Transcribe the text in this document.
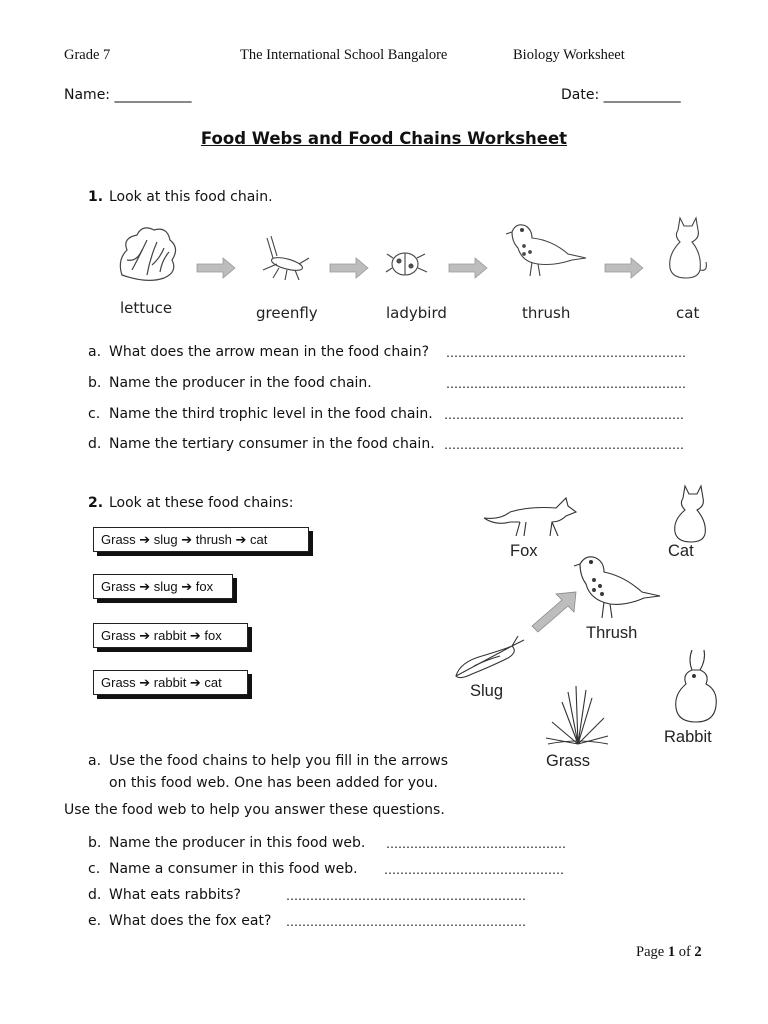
Grade 7	The International School Bangalore	Biology Worksheet
Name: ___________	Date: ___________
Food Webs and Food Chains Worksheet
1. Look at this food chain.
lettuce	greenfly	ladybird	thrush	cat
a. What does the arrow mean in the food chain? ……………………………………………………
b. Name the producer in the food chain.	……………………………………………………
c. Name the third trophic level in the food chain. ……………………………………………………
d. Name the tertiary consumer in the food chain. ……………………………………………………
2. Look at these food chains:
Grass ➔ slug ➔ thrush ➔ cat
Grass ➔ slug ➔ fox
Grass ➔ rabbit ➔ fox
Grass ➔ rabbit ➔ cat
Fox	Cat
Thrush
Slug
Rabbit
Grass
a. Use the food chains to help you fill in the arrows
on this food web. One has been added for you.
Use the food web to help you answer these questions.
b. Name the producer in this food web. ………………………………………
c. Name a consumer in this food web. ………………………………………
d. What eats rabbits?	……………………………………………………
e. What does the fox eat? ……………………………………………………
Page 1 of 2
